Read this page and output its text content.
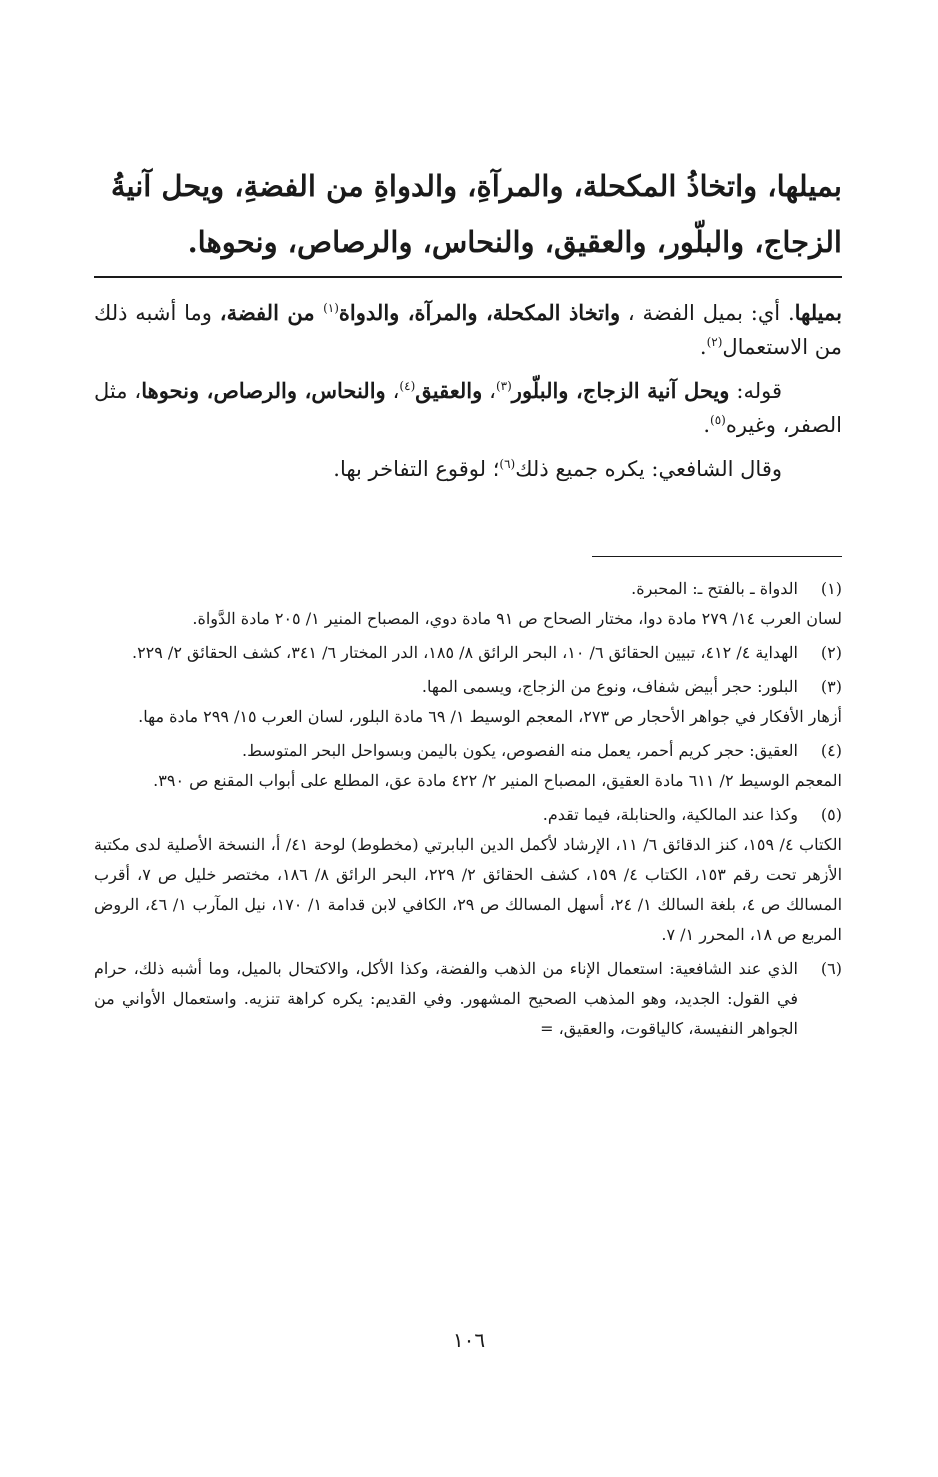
بميلها، واتخاذُ المكحلة، والمرآةِ، والدواةِ من الفضةِ، ويحل آنيةُ
الزجاج، والبلّور، والعقيق، والنحاس، والرصاص، ونحوها.

بميلها. أي: بميل الفضة ، واتخاذ المكحلة، والمرآة، والدواة$^{(١)}$ من الفضة، وما أشبه ذلك من الاستعمال$^{(٢)}$.

قوله: ويحل آنية الزجاج، والبلّور$^{(٣)}$، والعقيق$^{(٤)}$، والنحاس، والرصاص، ونحوها، مثل الصفر، وغيره$^{(٥)}$.

وقال الشافعي: يكره جميع ذلك$^{(٦)}$؛ لوقوع التفاخر بها.

(١)
الدواة ـ بالفتح ـ: المحبرة.
لسان العرب ١٤/ ٢٧٩ مادة دوا، مختار الصحاح ص ٩١ مادة دوي، المصباح المنير ١/ ٢٠٥ مادة الدَّواة.
(٢)
الهداية ٤/ ٤١٢، تبيين الحقائق ٦/ ١٠، البحر الرائق ٨/ ١٨٥، الدر المختار ٦/ ٣٤١، كشف الحقائق ٢/ ٢٢٩.
(٣)
البلور: حجر أبيض شفاف، ونوع من الزجاج، ويسمى المها.
أزهار الأفكار في جواهر الأحجار ص ٢٧٣، المعجم الوسيط ١/ ٦٩ مادة البلور، لسان العرب ١٥/ ٢٩٩ مادة مها.
(٤)
العقيق: حجر كريم أحمر، يعمل منه الفصوص، يكون باليمن وبسواحل البحر المتوسط.
المعجم الوسيط ٢/ ٦١١ مادة العقيق، المصباح المنير ٢/ ٤٢٢ مادة عق، المطلع على أبواب المقنع ص ٣٩٠.
(٥)
وكذا عند المالكية، والحنابلة، فيما تقدم.
الكتاب ٤/ ١٥٩، كنز الدقائق ٦/ ١١، الإرشاد لأكمل الدين البابرتي (مخطوط) لوحة ٤١/ أ، النسخة الأصلية لدى مكتبة الأزهر تحت رقم ١٥٣، الكتاب ٤/ ١٥٩، كشف الحقائق ٢/ ٢٢٩، البحر الرائق ٨/ ١٨٦، مختصر خليل ص ٧، أقرب المسالك ص ٤، بلغة السالك ١/ ٢٤، أسهل المسالك ص ٢٩، الكافي لابن قدامة ١/ ١٧٠، نيل المآرب ١/ ٤٦، الروض المربع ص ١٨، المحرر ١/ ٧.
(٦)
الذي عند الشافعية: استعمال الإناء من الذهب والفضة، وكذا الأكل، والاكتحال بالميل، وما أشبه ذلك، حرام في القول: الجديد، وهو المذهب الصحيح المشهور. وفي القديم: يكره كراهة تنزيه. واستعمال الأواني من الجواهر النفيسة، كالياقوت، والعقيق، =
١٠٦
